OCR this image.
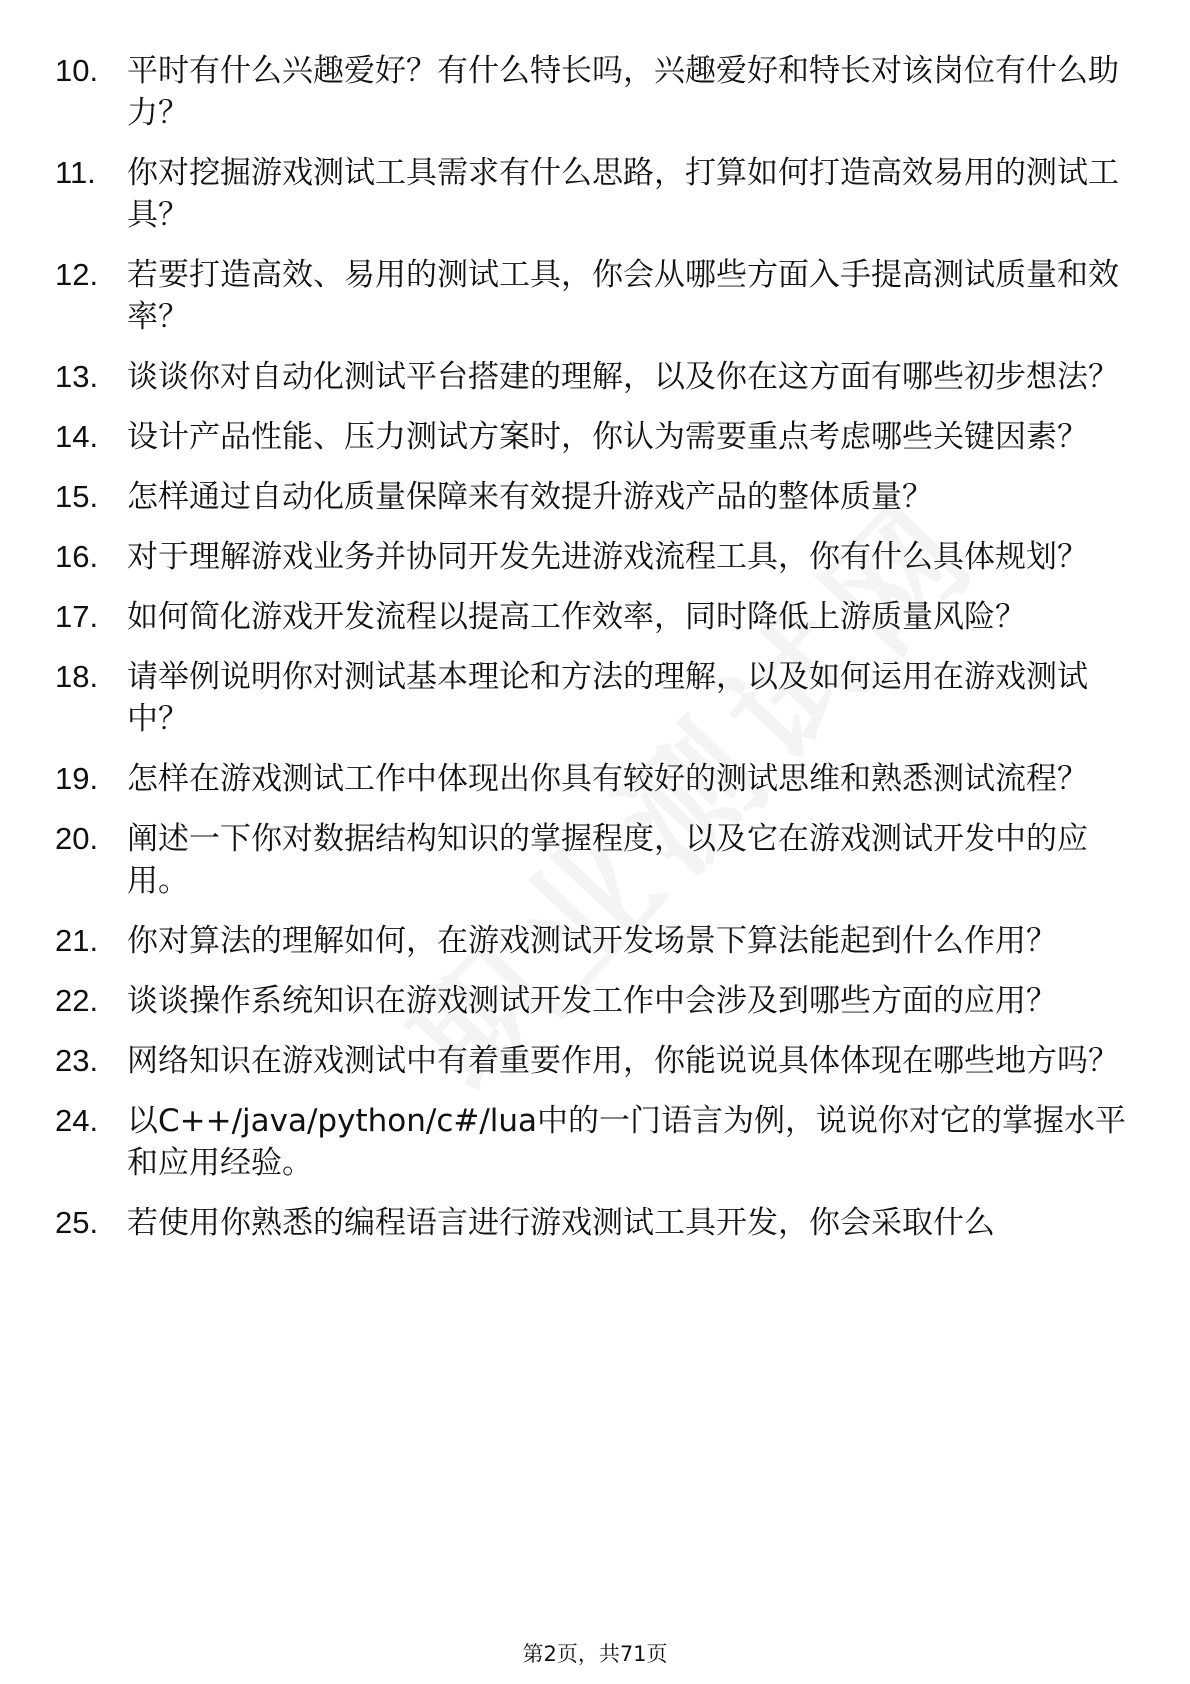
10. 平时有什么兴趣爱好？有什么特长吗，兴趣爱好和特长对该岗位有什么助力？
11.	你对挖掘游戏测试工具需求有什么思路，打算如何打造高效易用的测试工具？
12. 若要打造高效、易用的测试工具，你会从哪些方面入手提高测试质量和效率？
13. 谈谈你对自动化测试平台搭建的理解，以及你在这方面有哪些初步想法？
14. 设计产品性能、压力测试方案时，你认为需要重点考虑哪些关键因素？
15. 怎样通过自动化质量保障来有效提升游戏产品的整体质量？
16. 对于理解游戏业务并协同开发先进游戏流程工具，你有什么具体规划？
17. 如何简化游戏开发流程以提高工作效率，同时降低上游质量风险？
18. 请举例说明你对测试基本理论和方法的理解，以及如何运用在游戏测试中？
19. 怎样在游戏测试工作中体现出你具有较好的测试思维和熟悉测试流程？
20. 阐述一下你对数据结构知识的掌握程度，以及它在游戏测试开发中的应用。
21. 你对算法的理解如何，在游戏测试开发场景下算法能起到什么作用？
22. 谈谈操作系统知识在游戏测试开发工作中会涉及到哪些方面的应用？
23. 网络知识在游戏测试中有着重要作用，你能说说具体体现在哪些地方吗？
24. 以C++/java/python/c#/lua中的一门语言为例，说说你对它的掌握水平和应用经验。
25. 若使用你熟悉的编程语言进行游戏测试工具开发，你会采取什么
第2页，共71页
